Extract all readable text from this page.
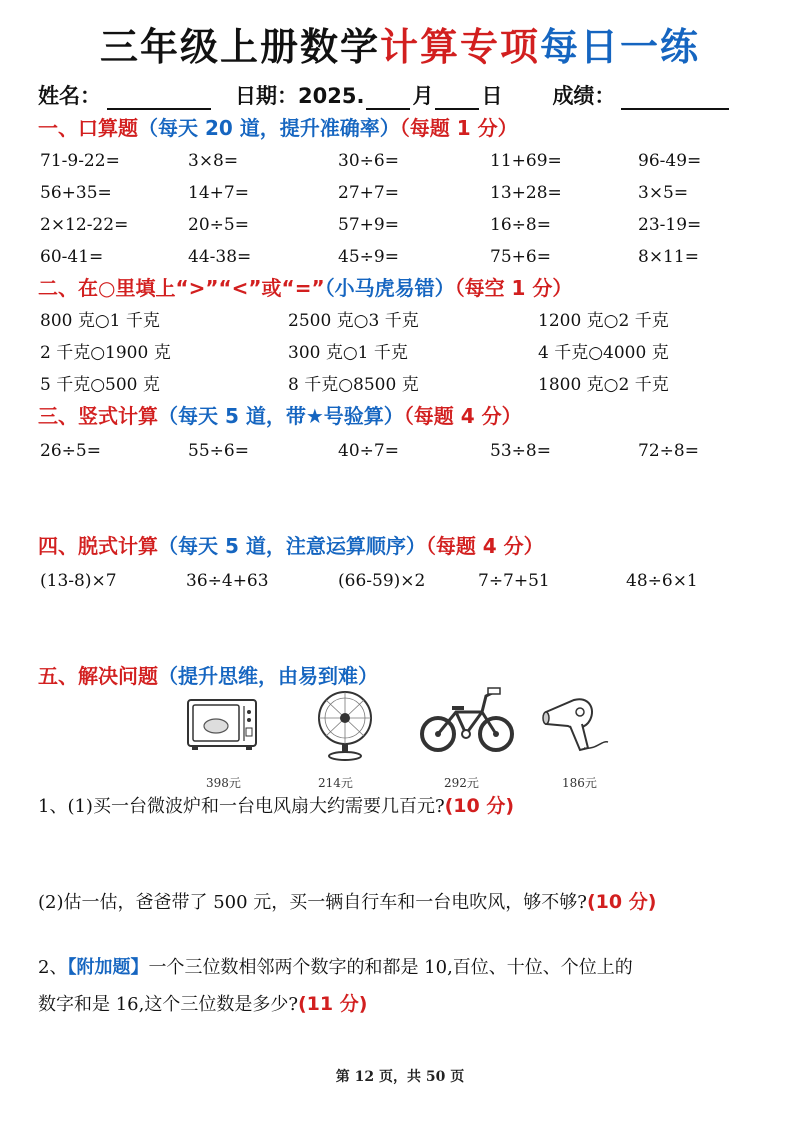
三年级上册数学计算专项每日一练
姓名：	日期：2025. 月 日 成绩：
一、口算题（每天 20 道，提升准确率）（每题 1 分）
71-9-22=	3×8=	30÷6=	11+69=	96-49=
56+35=	14+7=	27+7=	13+28=	3×5=
2×12-22=	20÷5=	57+9=	16÷8=	23-19=
60-41=	44-38=	45÷9=	75+6=	8×11=
二、在○里填上“>”“<”或“=”（小马虎易错）（每空 1 分）
800 克○1 千克	2500 克○3 千克	1200 克○2 千克
2 千克○1900 克	300 克○1 千克	4 千克○4000 克
5 千克○500 克	8 千克○8500 克	1800 克○2 千克
三、竖式计算（每天 5 道，带★号验算）（每题 4 分）
26÷5=	55÷6=	40÷7=	53÷8=	72÷8=
四、脱式计算（每天 5 道，注意运算顺序）（每题 4 分）
(13-8)×7	36÷4+63	(66-59)×2	7÷7+51	48÷6×1
五、解决问题（提升思维，由易到难）
398元	214元	292元	186元
1、(1)买一台微波炉和一台电风扇大约需要几百元?(10 分)
(2)估一估，爸爸带了 500 元，买一辆自行车和一台电吹风，够不够?(10 分)
2、【附加题】一个三位数相邻两个数字的和都是 10,百位、十位、个位上的
数字和是 16,这个三位数是多少?(11 分)
第 12 页，共 50 页
